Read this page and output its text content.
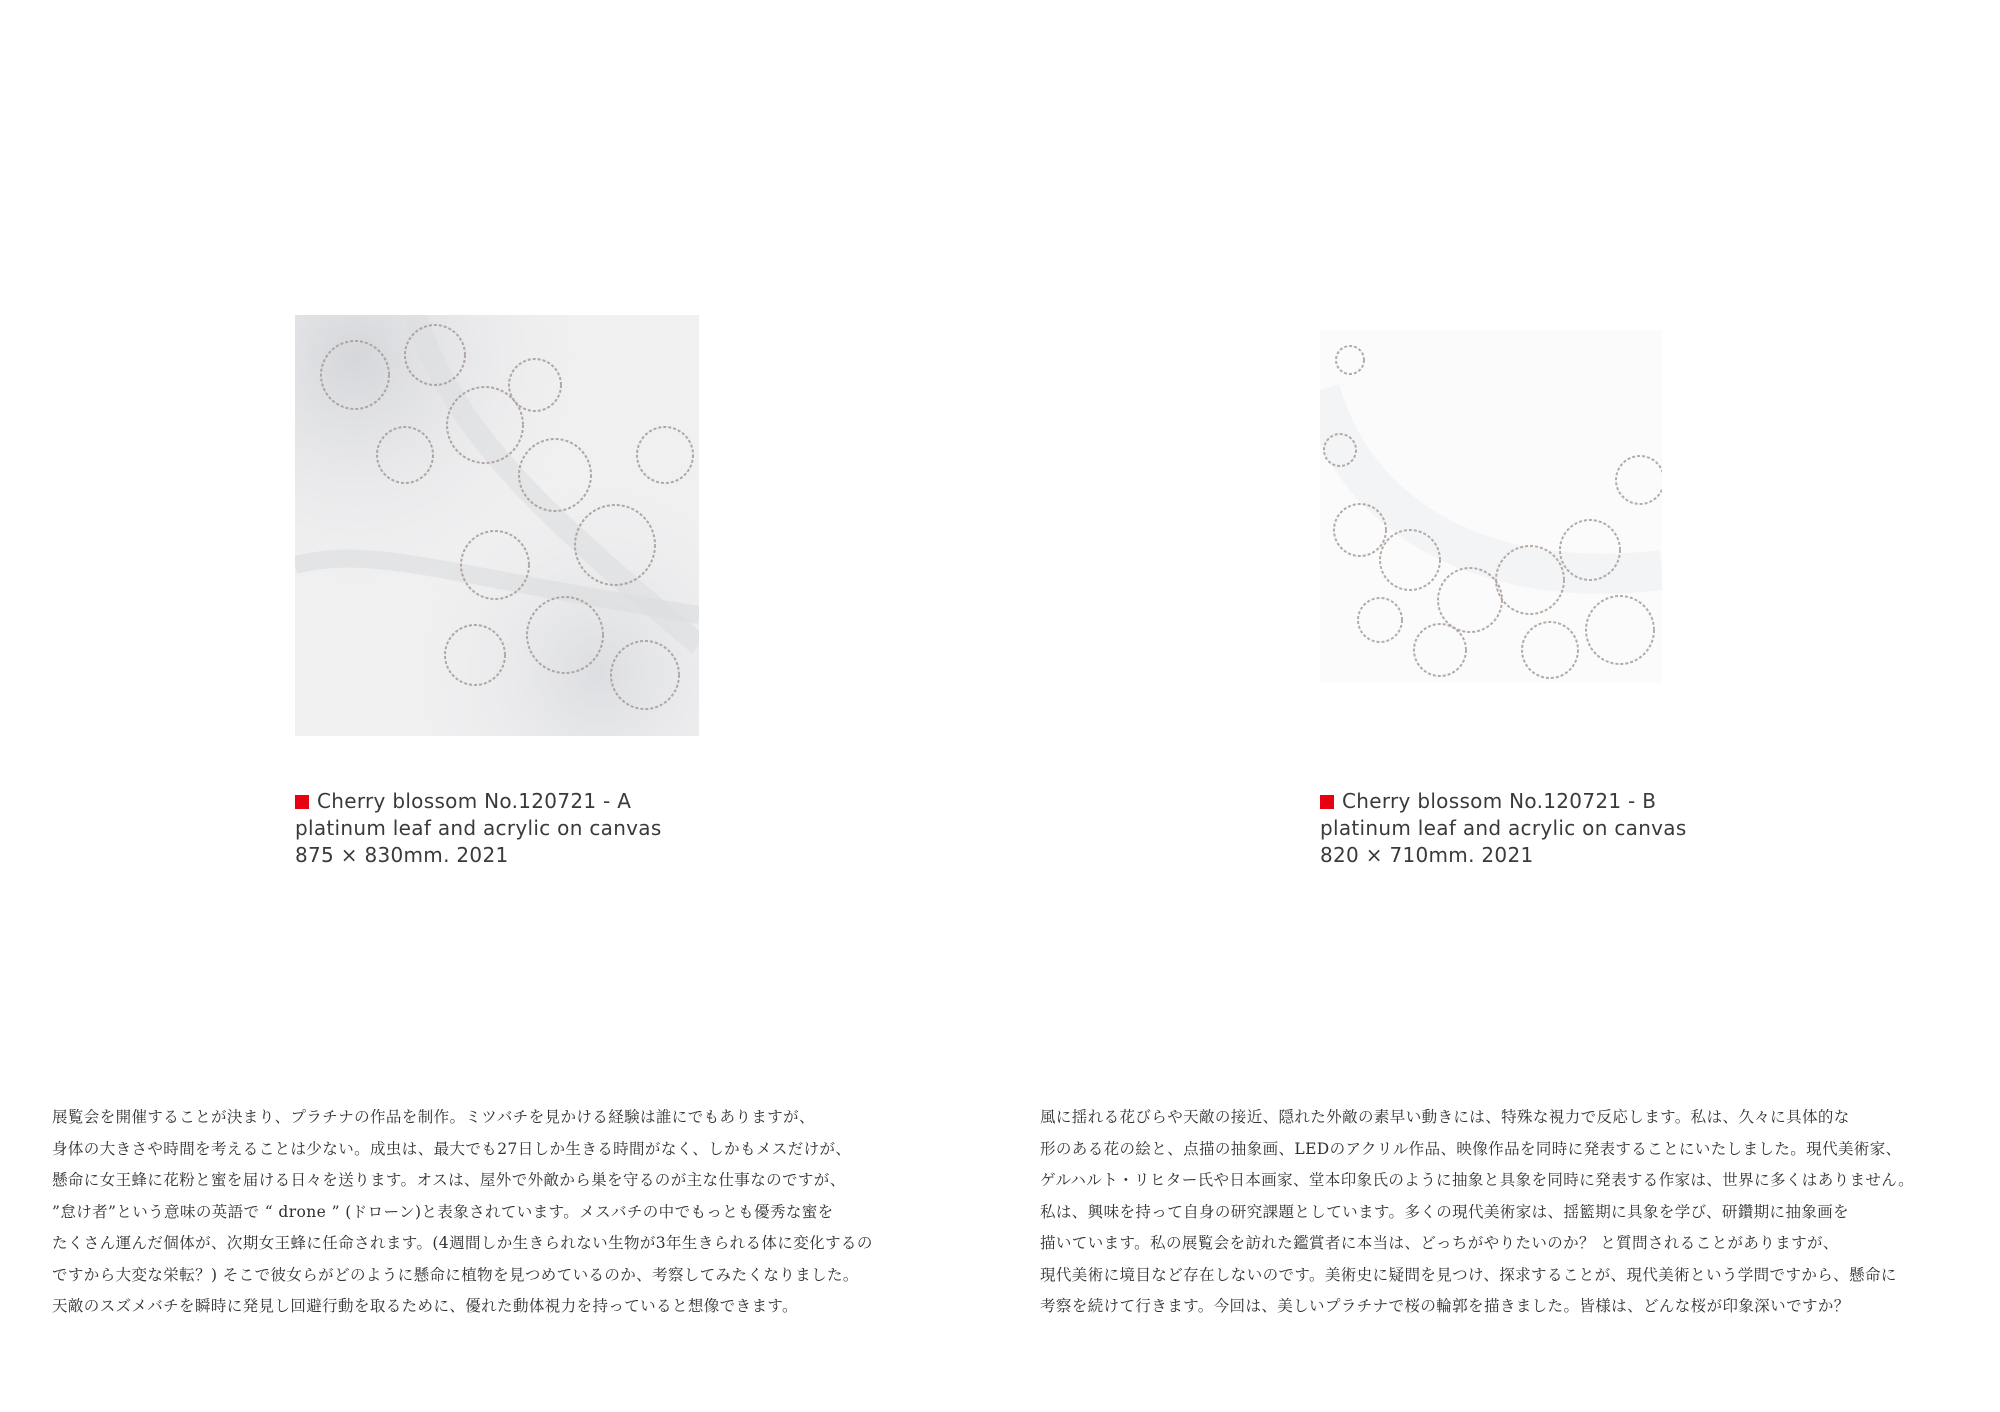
Cherry blossom No.120721 - A
platinum leaf and acrylic on canvas
875 × 830mm. 2021
Cherry blossom No.120721 - B
platinum leaf and acrylic on canvas
820 × 710mm. 2021
展覧会を開催することが決まり、プラチナの作品を制作。ミツバチを見かける経験は誰にでもありますが、
身体の大きさや時間を考えることは少ない。成虫は、最大でも27日しか生きる時間がなく、しかもメスだけが、
懸命に女王蜂に花粉と蜜を届ける日々を送ります。オスは、屋外で外敵から巣を守るのが主な仕事なのですが、
”怠け者”という意味の英語で “ drone ” (ドローン)と表象されています。メスバチの中でもっとも優秀な蜜を
たくさん運んだ個体が、次期女王蜂に任命されます。(4週間しか生きられない生物が3年生きられる体に変化するの
ですから大変な栄転？) そこで彼女らがどのように懸命に植物を見つめているのか、考察してみたくなりました。
天敵のスズメバチを瞬時に発見し回避行動を取るために、優れた動体視力を持っていると想像できます。
風に揺れる花びらや天敵の接近、隠れた外敵の素早い動きには、特殊な視力で反応します。私は、久々に具体的な
形のある花の絵と、点描の抽象画、LEDのアクリル作品、映像作品を同時に発表することにいたしました。現代美術家、
ゲルハルト・リヒター氏や日本画家、堂本印象氏のように抽象と具象を同時に発表する作家は、世界に多くはありません。
私は、興味を持って自身の研究課題としています。多くの現代美術家は、揺籃期に具象を学び、研鑽期に抽象画を
描いています。私の展覧会を訪れた鑑賞者に本当は、どっちがやりたいのか？ と質問されることがありますが、
現代美術に境目など存在しないのです。美術史に疑問を見つけ、探求することが、現代美術という学問ですから、懸命に
考察を続けて行きます。今回は、美しいプラチナで桜の輪郭を描きました。皆様は、どんな桜が印象深いですか？
